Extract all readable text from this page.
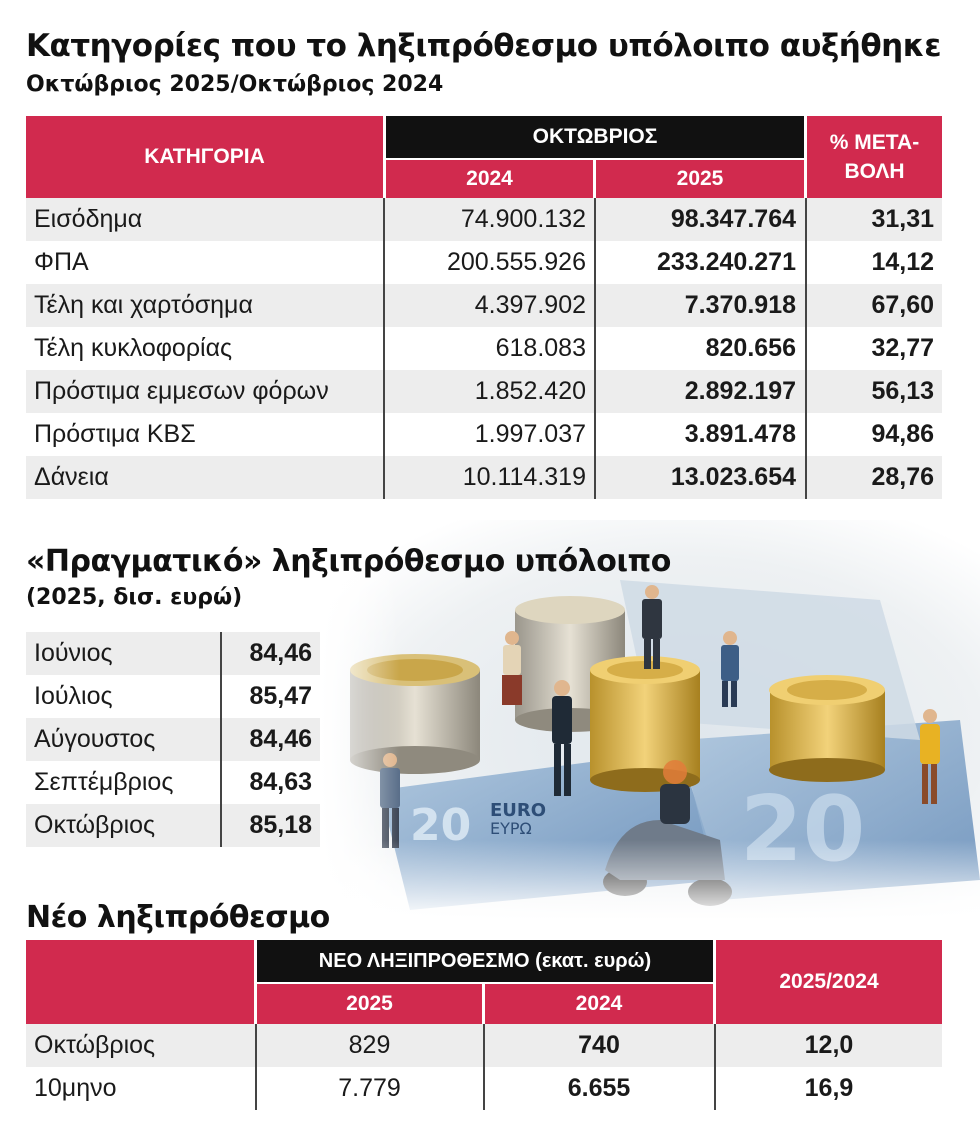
Κατηγορίες που το ληξιπρόθεσμο υπόλοιπο αυξήθηκε
Οκτώβριος 2025/Οκτώβριος 2024
ΚΑΤΗΓΟΡΙΑ
ΟΚΤΩΒΡΙΟΣ
2024	2025
% ΜΕΤΑ-
ΒΟΛΗ
Εισόδημα	74.900.132	98.347.764	31,31
ΦΠΑ	200.555.926	233.240.271	14,12
Τέλη και χαρτόσημα	4.397.902	7.370.918	67,60
Τέλη κυκλοφορίας	618.083	820.656	32,77
Πρόστιμα εμμεσων φόρων	1.852.420	2.892.197	56,13
Πρόστιμα ΚΒΣ	1.997.037	3.891.478	94,86
Δάνεια	10.114.319	13.023.654	28,76
«Πραγματικό» ληξιπρόθεσμο υπόλοιπο
(2025, δισ. ευρώ)
Ιούνιος	84,46
Ιούλιος	85,47
Αύγουστος	84,46
Σεπτέμβριος	84,63
Οκτώβριος	85,18
Νέο ληξιπρόθεσμο
ΝΕΟ ΛΗΞΙΠΡΟΘΕΣΜΟ (εκατ. ευρώ)
2025	2024
2025/2024
Οκτώβριος	829	740	12,0
10μηνο	7.779	6.655	16,9
